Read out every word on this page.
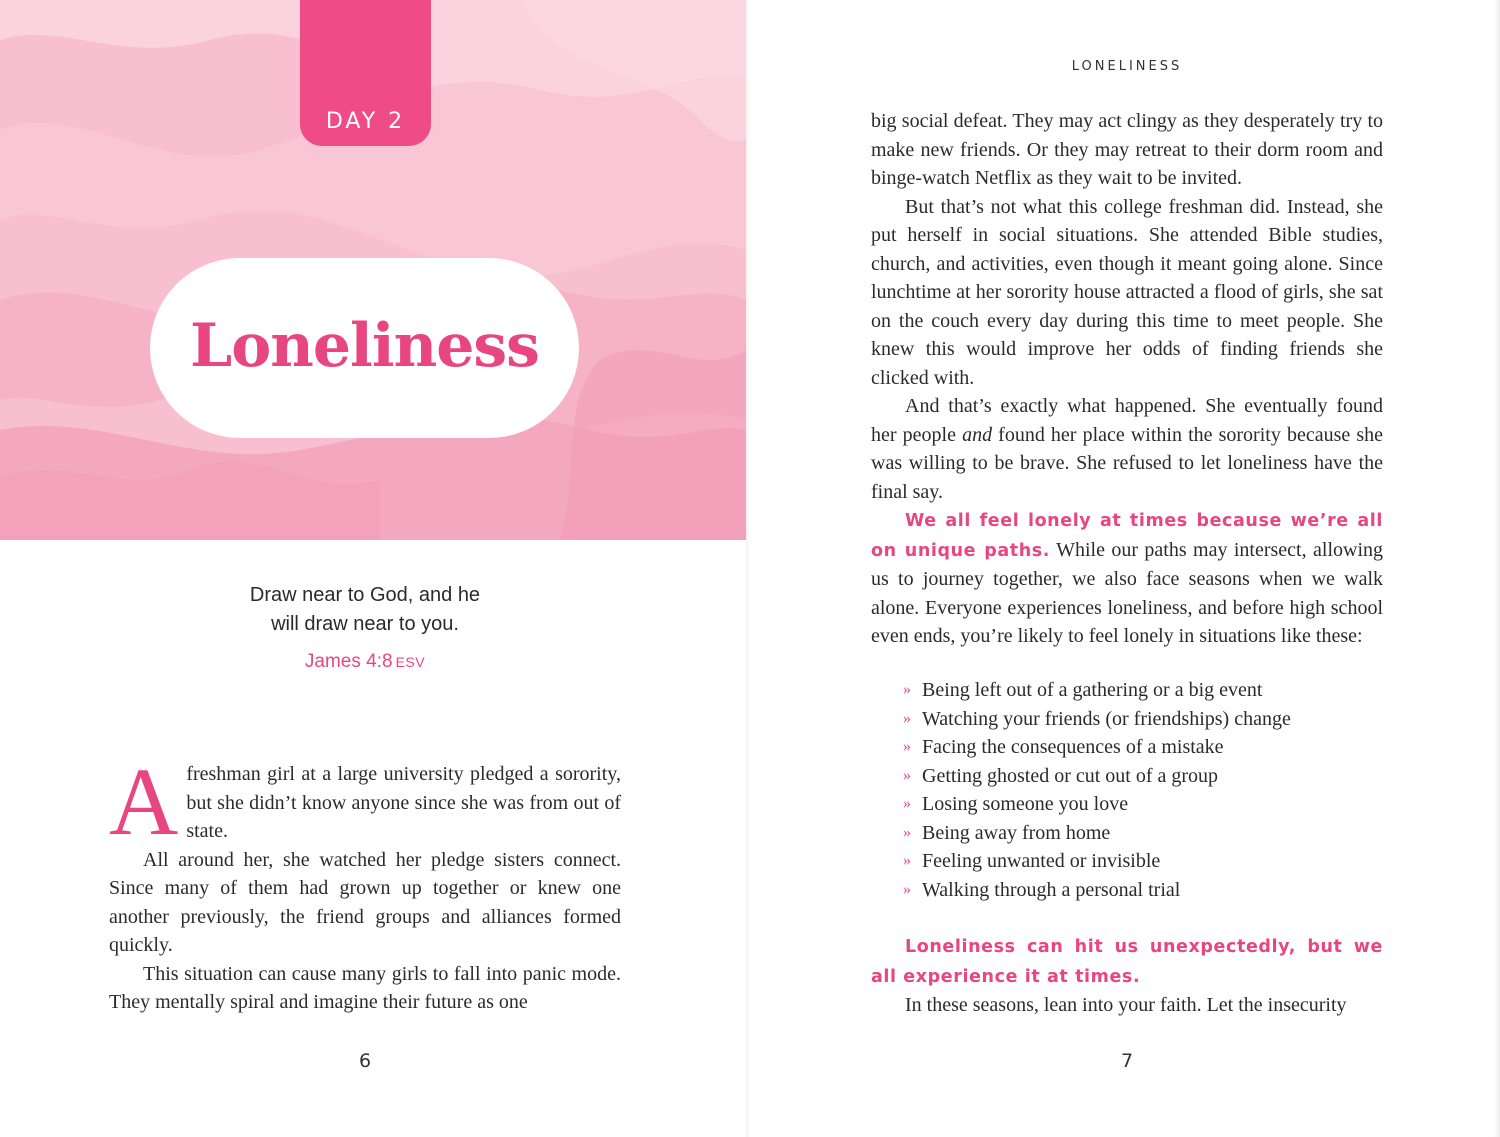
DAY 2
Loneliness
Draw near to God, and he
will draw near to you.
James 4:8 ESV

Afreshman girl at a large university pledged a sorority, but she didn’t know anyone since she was from out of state.

All around her, she watched her pledge sisters connect. Since many of them had grown up together or knew one another previously, the friend groups and alliances formed quickly.

This situation can cause many girls to fall into panic mode. They mentally spiral and imagine their future as one

6
LONELINESS

big social defeat. They may act clingy as they desperately try to make new friends. Or they may retreat to their dorm room and binge-watch Netflix as they wait to be invited.

But that’s not what this college freshman did. Instead, she put herself in social situations. She attended Bible studies, church, and activities, even though it meant going alone. Since lunchtime at her sorority house attracted a flood of girls, she sat on the couch every day during this time to meet people. She knew this would improve her odds of finding friends she clicked with.

And that’s exactly what happened. She eventually found her people and found her place within the sorority because she was willing to be brave. She refused to let loneliness have the final say.

We all feel lonely at times because we’re all on unique paths. While our paths may intersect, allowing us to journey together, we also face seasons when we walk alone. Everyone experiences loneliness, and before high school even ends, you’re likely to feel lonely in situations like these:

» Being left out of a gathering or a big event
» Watching your friends (or friendships) change
» Facing the consequences of a mistake
» Getting ghosted or cut out of a group
» Losing someone you love
» Being away from home
» Feeling unwanted or invisible
» Walking through a personal trial

Loneliness can hit us unexpectedly, but we all experience it at times.

In these seasons, lean into your faith. Let the insecurity

7
